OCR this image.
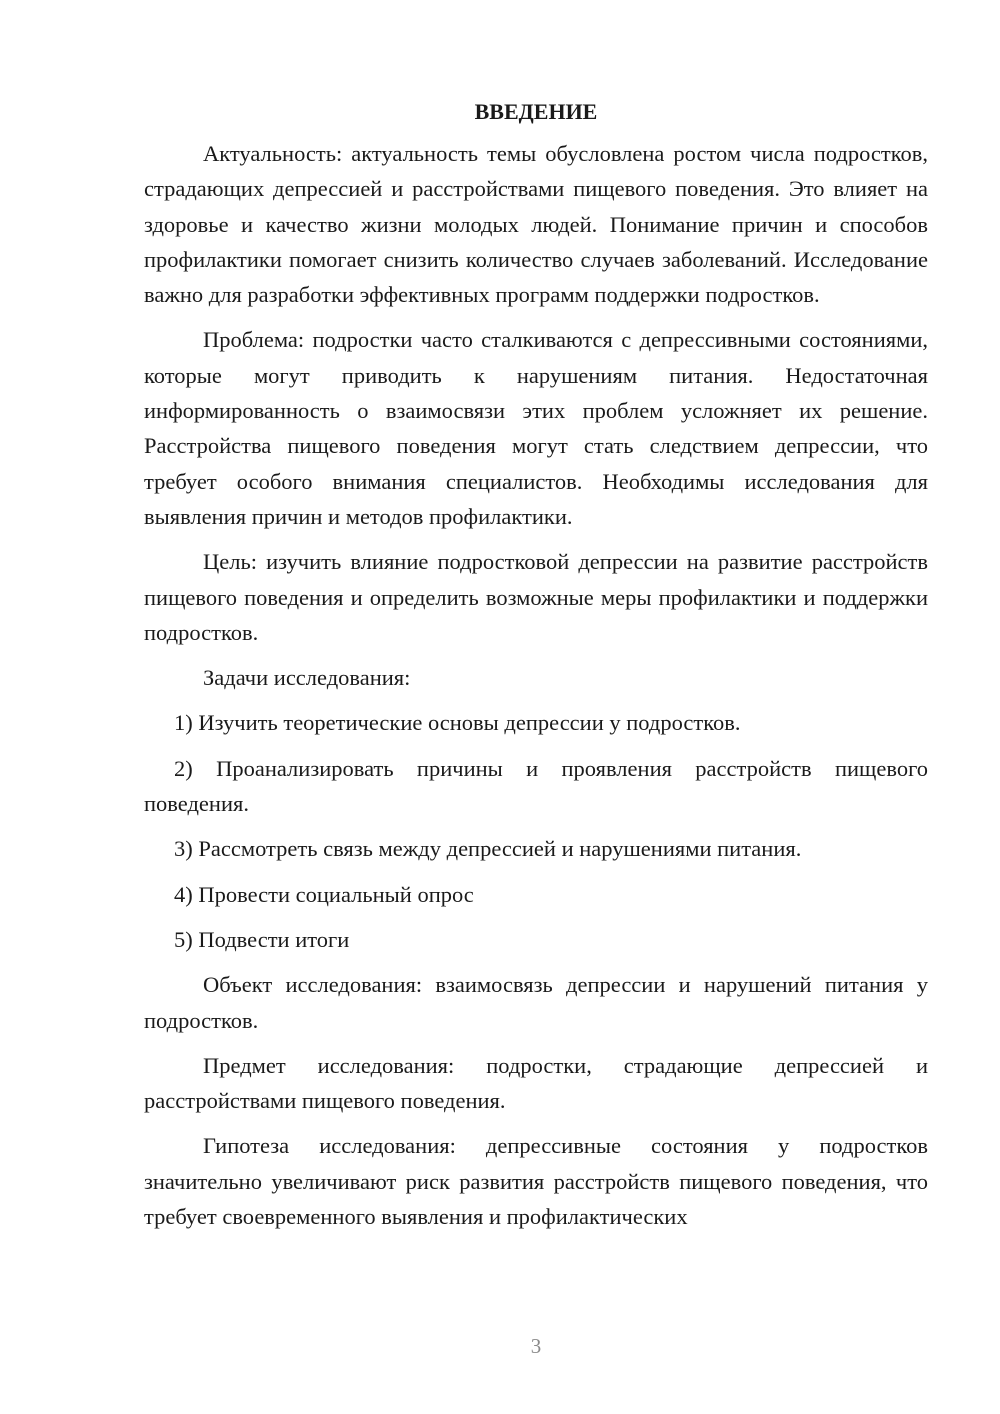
ВВЕДЕНИЕ

Актуальность: актуальность темы обусловлена ростом числа подростков, страдающих депрессией и расстройствами пищевого поведения. Это влияет на здоровье и качество жизни молодых людей. Понимание причин и способов профилактики помогает снизить количество случаев заболеваний. Исследование важно для разработки эффективных программ поддержки подростков.

Проблема: подростки часто сталкиваются с депрессивными состояниями, которые могут приводить к нарушениям питания. Недостаточная информированность о взаимосвязи этих проблем усложняет их решение. Расстройства пищевого поведения могут стать следствием депрессии, что требует особого внимания специалистов. Необходимы исследования для выявления причин и методов профилактики.

Цель: изучить влияние подростковой депрессии на развитие расстройств пищевого поведения и определить возможные меры профилактики и поддержки подростков.

Задачи исследования:

1) Изучить теоретические основы депрессии у подростков.

2) Проанализировать причины и проявления расстройств пищевого поведения.

3) Рассмотреть связь между депрессией и нарушениями питания.

4) Провести социальный опрос

5) Подвести итоги

Объект исследования: взаимосвязь депрессии и нарушений питания у подростков.

Предмет исследования: подростки, страдающие депрессией и расстройствами пищевого поведения.

Гипотеза исследования: депрессивные состояния у подростков значительно увеличивают риск развития расстройств пищевого поведения, что требует своевременного выявления и профилактических

3
